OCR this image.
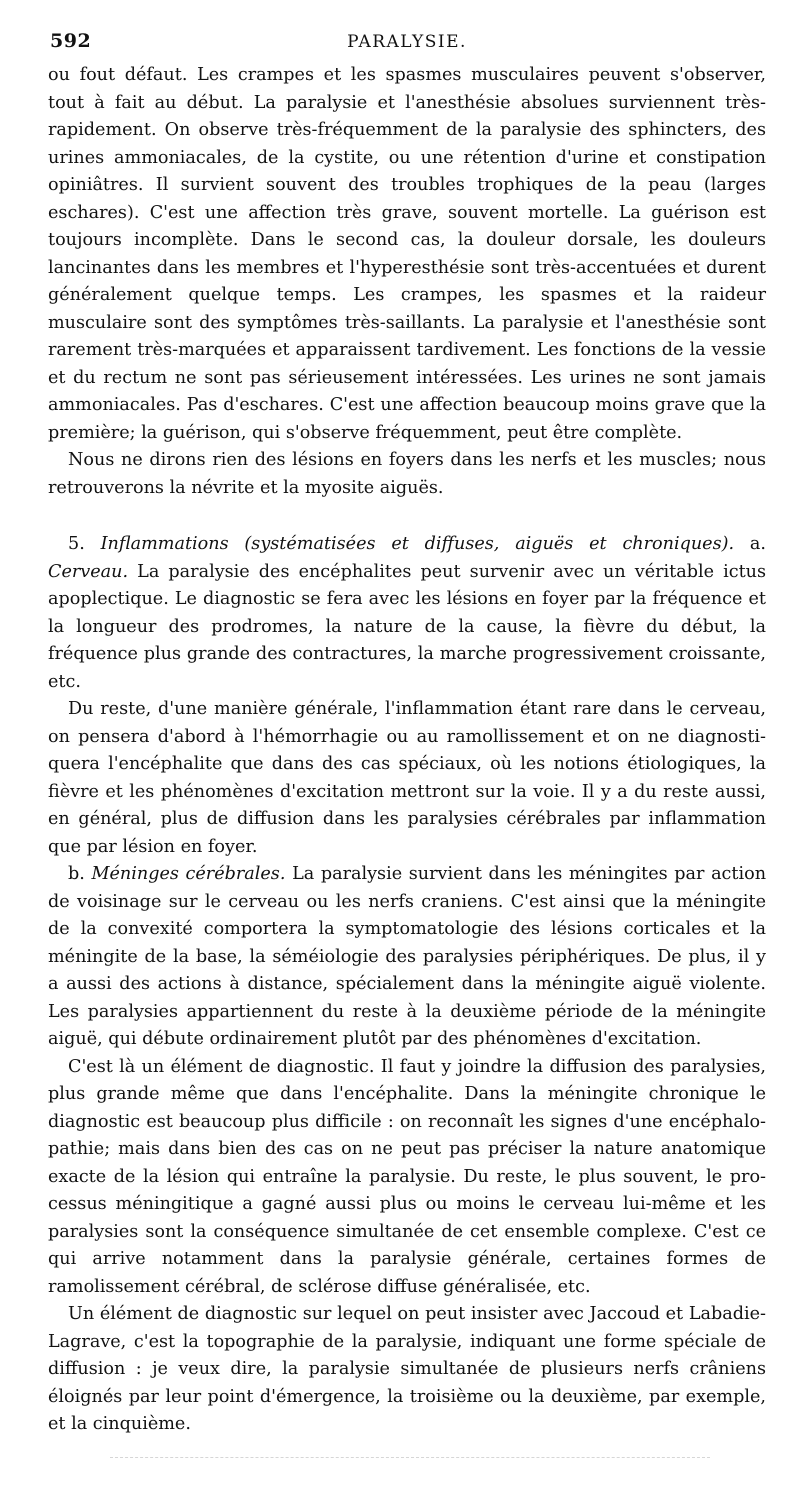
592	PARALYSIE.

ou fout défaut. Les crampes et les spasmes musculaires peuvent s'observer, tout à fait au début. La paralysie et l'anesthésie absolues surviennent très-rapidement. On observe très-fréquemment de la paralysie des sphincters, des urines ammoniacales, de la cystite, ou une rétention d'urine et constipation opiniâtres. Il survient souvent des troubles trophiques de la peau (larges eschares). C'est une affection très grave, souvent mortelle. La guérison est toujours incomplète. Dans le second cas, la douleur dorsale, les douleurs lancinantes dans les membres et l'hyperesthésie sont très-accentuées et durent généralement quelque temps. Les crampes, les spasmes et la raideur musculaire sont des symptômes très-saillants. La paralysie et l'anesthésie sont rarement très-marquées et apparaissent tardivement. Les fonctions de la vessie et du rectum ne sont pas sérieusement intéressées. Les urines ne sont jamais ammoniacales. Pas d'eschares. C'est une affection beaucoup moins grave que la première; la guérison, qui s'observe fréquemment, peut être complète.

Nous ne dirons rien des lésions en foyers dans les nerfs et les muscles; nous retrouverons la névrite et la myosite aiguës.

5. Inflammations (systématisées et diffuses, aiguës et chroniques). a. Cerveau. La paralysie des encéphalites peut survenir avec un véritable ictus apoplectique. Le diagnostic se fera avec les lésions en foyer par la fréquence et la longueur des prodromes, la nature de la cause, la fièvre du début, la fréquence plus grande des contractures, la marche progressivement croissante, etc.

Du reste, d'une manière générale, l'inflammation étant rare dans le cerveau, on pensera d'abord à l'hémorrhagie ou au ramollissement et on ne diagnostiquera l'encéphalite que dans des cas spéciaux, où les notions étiologiques, la fièvre et les phénomènes d'excitation mettront sur la voie. Il y a du reste aussi, en général, plus de diffusion dans les paralysies cérébrales par inflammation que par lésion en foyer.

b. Méninges cérébrales. La paralysie survient dans les méningites par action de voisinage sur le cerveau ou les nerfs craniens. C'est ainsi que la méningite de la convexité comportera la symptomatologie des lésions corticales et la méningite de la base, la séméiologie des paralysies périphériques. De plus, il y a aussi des actions à distance, spécialement dans la méningite aiguë violente. Les paralysies appartiennent du reste à la deuxième période de la méningite aiguë, qui débute ordinairement plutôt par des phénomènes d'excitation.

C'est là un élément de diagnostic. Il faut y joindre la diffusion des paralysies, plus grande même que dans l'encéphalite. Dans la méningite chronique le diagnostic est beaucoup plus difficile : on reconnaît les signes d'une encéphalopathie; mais dans bien des cas on ne peut pas préciser la nature anatomique exacte de la lésion qui entraîne la paralysie. Du reste, le plus souvent, le processus méningitique a gagné aussi plus ou moins le cerveau lui-même et les paralysies sont la conséquence simultanée de cet ensemble complexe. C'est ce qui arrive notamment dans la paralysie générale, certaines formes de ramolissement cérébral, de sclérose diffuse généralisée, etc.

Un élément de diagnostic sur lequel on peut insister avec Jaccoud et Labadie-Lagrave, c'est la topographie de la paralysie, indiquant une forme spéciale de diffusion : je veux dire, la paralysie simultanée de plusieurs nerfs crâniens éloignés par leur point d'émergence, la troisième ou la deuxième, par exemple, et la cinquième.
